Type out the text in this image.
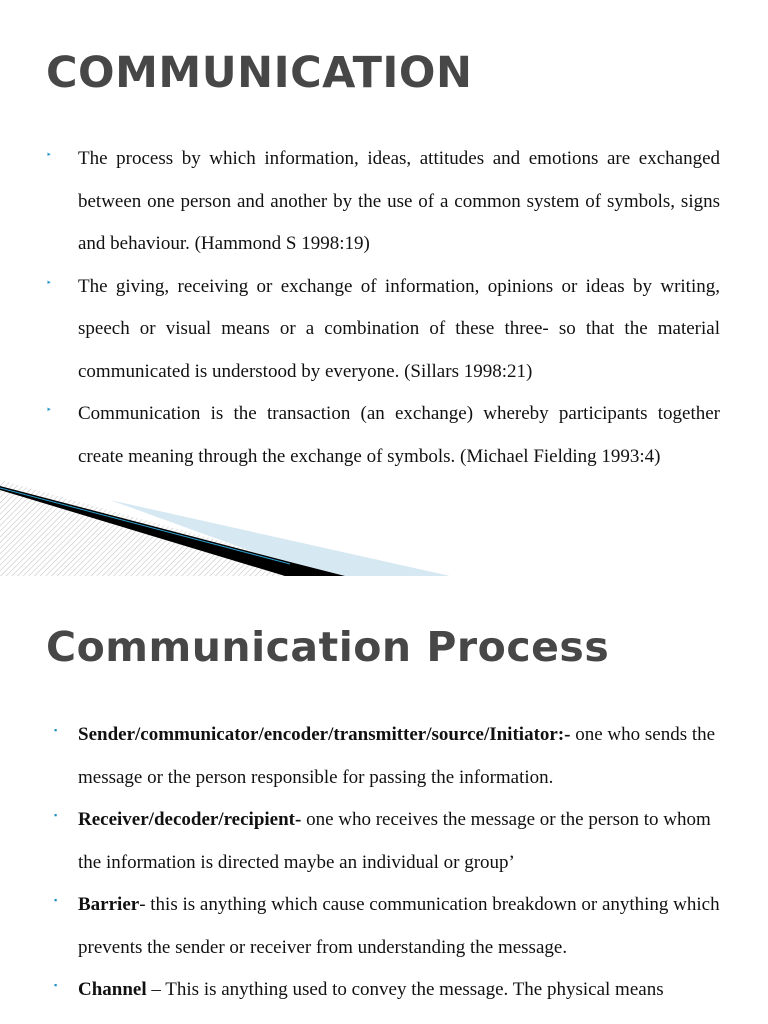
COMMUNICATION
‣ The process by which information, ideas, attitudes and emotions are exchanged between one person and another by the use of a common system of symbols, signs and behaviour. (Hammond S 1998:19)
‣ The giving, receiving or exchange of information, opinions or ideas by writing, speech or visual means or a combination of these three- so that the material communicated is understood by everyone. (Sillars 1998:21)
‣ Communication is the transaction (an exchange) whereby participants together create meaning through the exchange of symbols. (Michael Fielding 1993:4)
Communication Process
▪ Sender/communicator/encoder/transmitter/source/Initiator:- one who sends the message or the person responsible for passing the information.
▪ Receiver/decoder/recipient- one who receives the message or the person to whom the information is directed maybe an individual or group’
▪ Barrier- this is anything which cause communication breakdown or anything which prevents the sender or receiver from understanding the message.
▪ Channel – This is anything used to convey the message. The physical means
